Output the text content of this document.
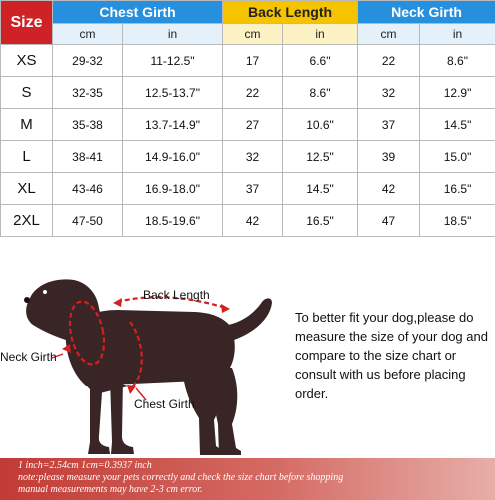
Size	Chest Girth		Back Length		Neck Girth	
	cm	in	cm	in	cm	in
XS	29-32	11-12.5"	17	6.6"	22	8.6"
S	32-35	12.5-13.7"	22	8.6"	32	12.9"
M	35-38	13.7-14.9"	27	10.6"	37	14.5"
L	38-41	14.9-16.0"	32	12.5"	39	15.0"
XL	43-46	16.9-18.0"	37	14.5"	42	16.5"
2XL	47-50	18.5-19.6"	42	16.5"	47	18.5"
Back Length
Neck Girth
Chest Girth
To better fit your dog,please do measure the size of your dog and compare to the size chart or consult with us before placing order.
1 inch=2.54cm 1cm=0.3937 inch
note:please measure your pets correctly and check the size chart before shopping
manual measurements may have 2-3 cm error.
